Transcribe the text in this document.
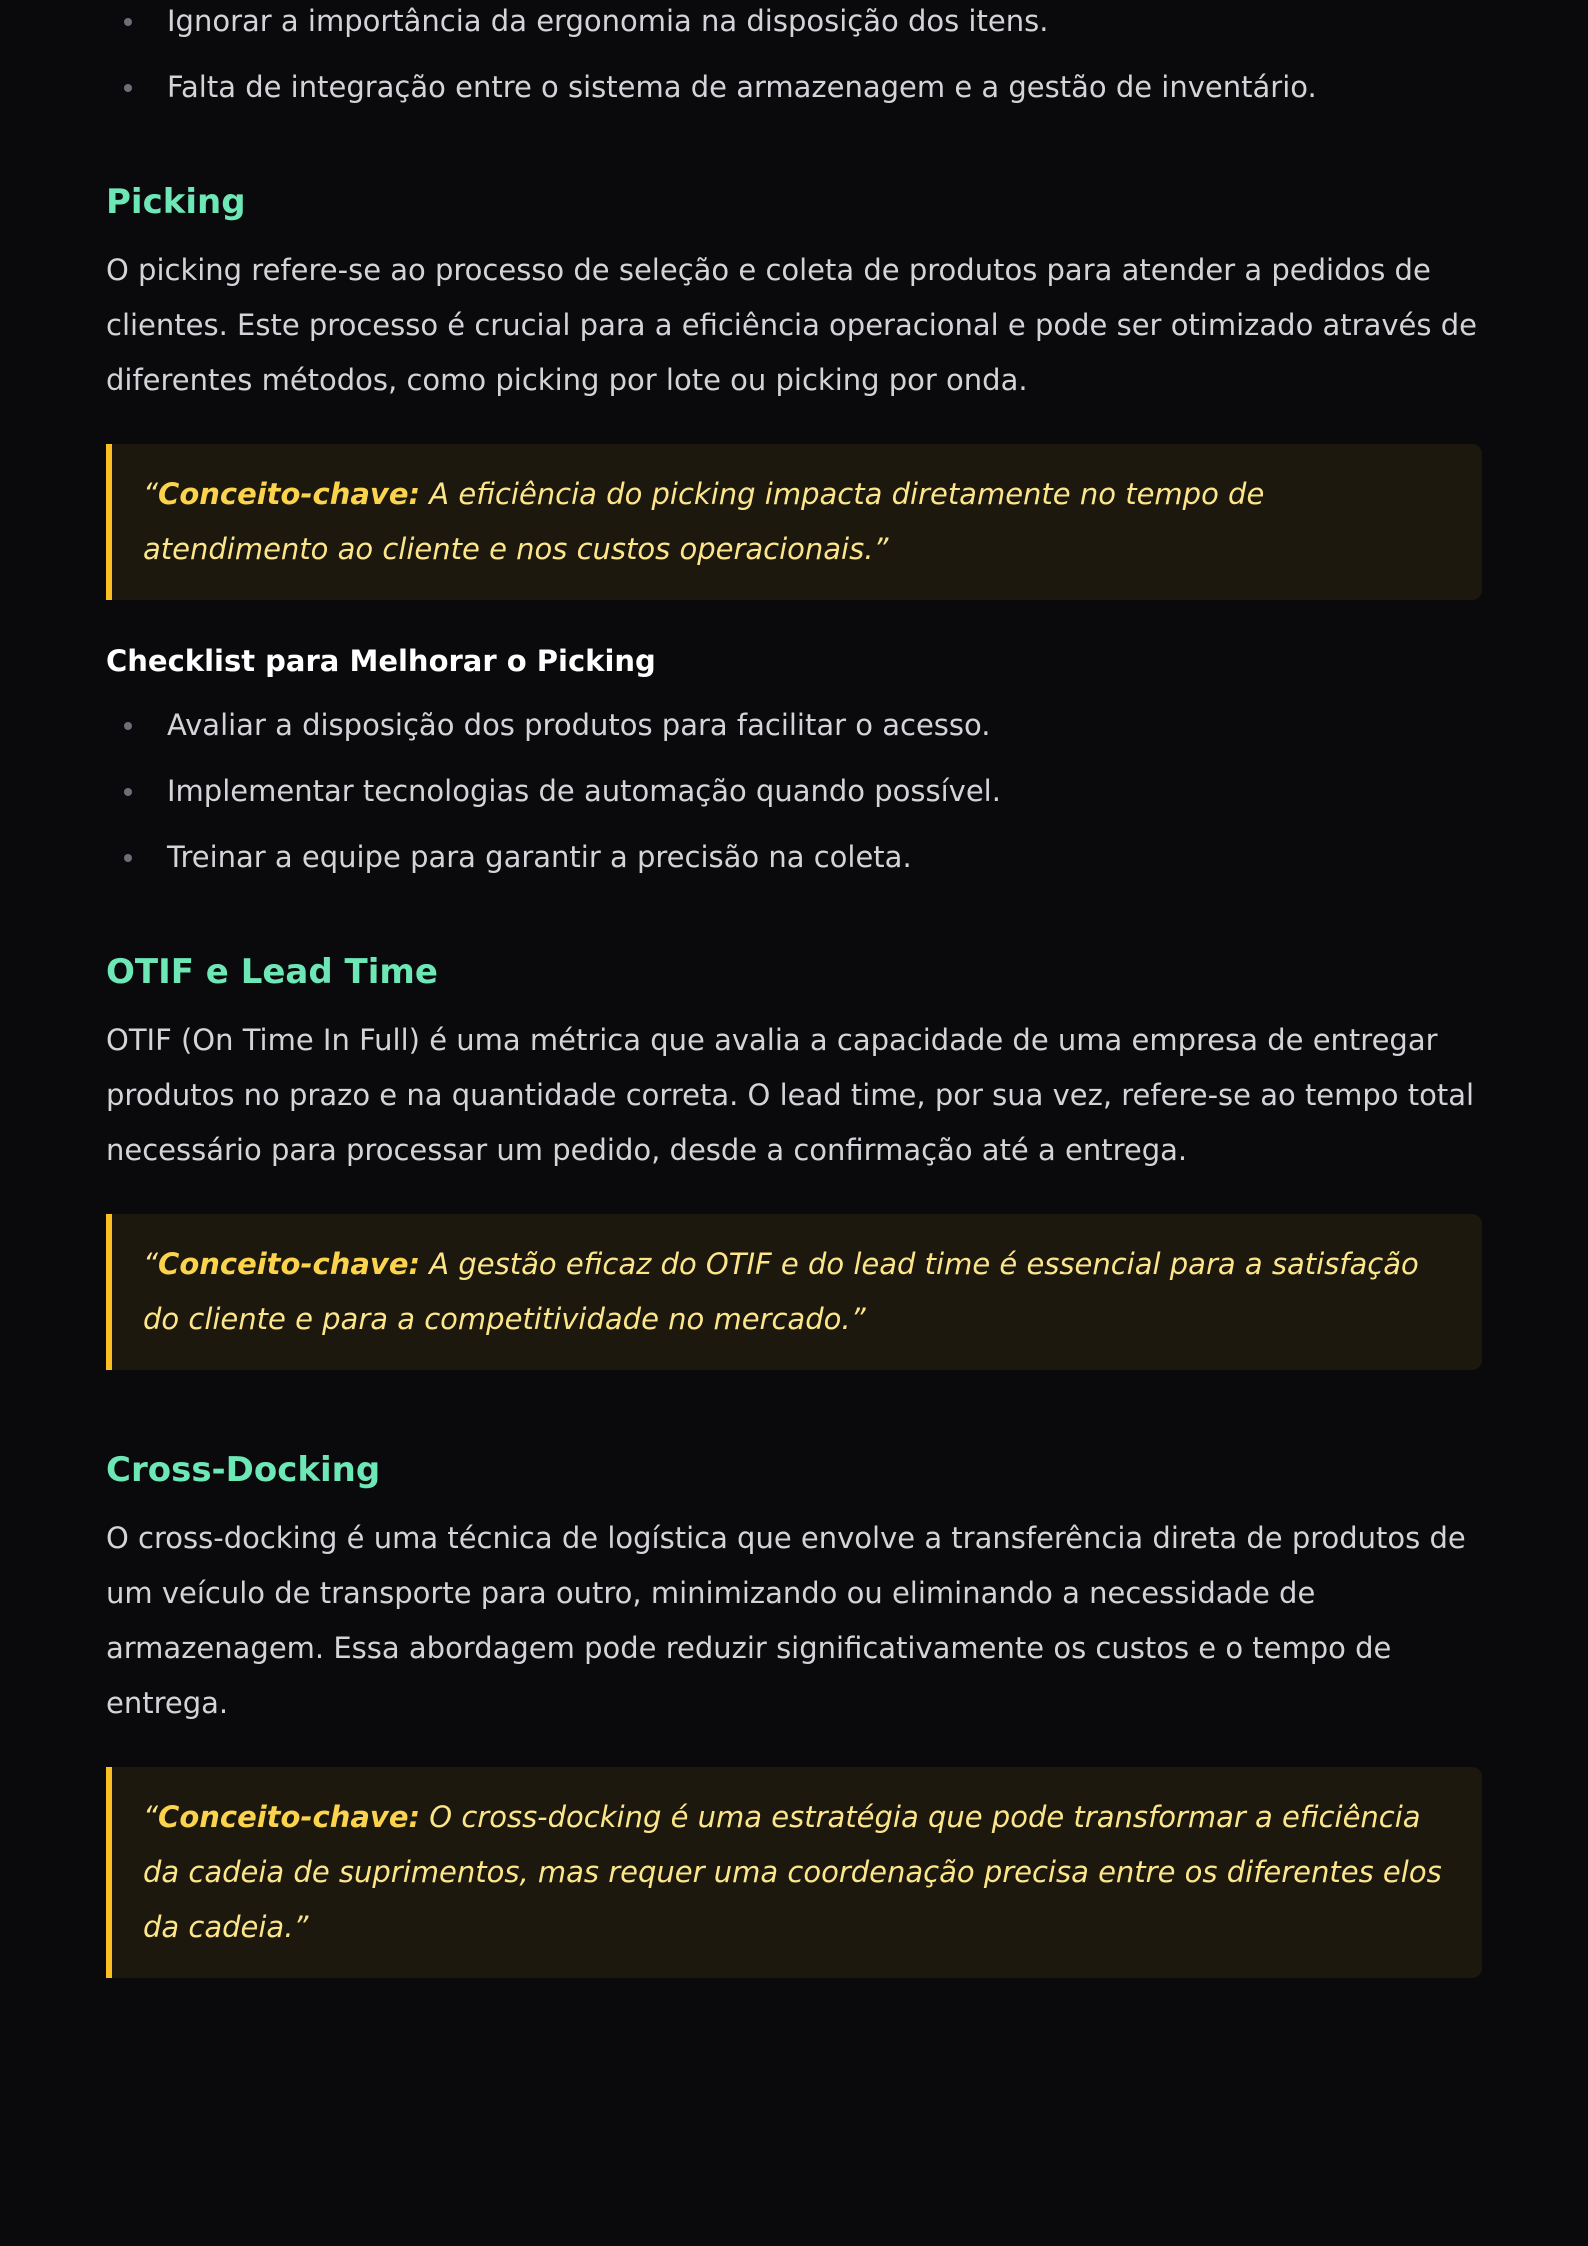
Ignorar a importância da ergonomia na disposição dos itens.
Falta de integração entre o sistema de armazenagem e a gestão de inventário.
Picking

O picking refere-se ao processo de seleção e coleta de produtos para atender a pedidos de clientes. Este processo é crucial para a eficiência operacional e pode ser otimizado através de diferentes métodos, como picking por lote ou picking por onda.

“Conceito-chave: A eficiência do picking impacta diretamente no tempo de atendimento ao cliente e nos custos operacionais.”
Checklist para Melhorar o Picking
Avaliar a disposição dos produtos para facilitar o acesso.
Implementar tecnologias de automação quando possível.
Treinar a equipe para garantir a precisão na coleta.
OTIF e Lead Time

OTIF (On Time In Full) é uma métrica que avalia a capacidade de uma empresa de entregar produtos no prazo e na quantidade correta. O lead time, por sua vez, refere-se ao tempo total necessário para processar um pedido, desde a confirmação até a entrega.

“Conceito-chave: A gestão eficaz do OTIF e do lead time é essencial para a satisfação do cliente e para a competitividade no mercado.”
Cross-Docking

O cross-docking é uma técnica de logística que envolve a transferência direta de produtos de um veículo de transporte para outro, minimizando ou eliminando a necessidade de armazenagem. Essa abordagem pode reduzir significativamente os custos e o tempo de entrega.

“Conceito-chave: O cross-docking é uma estratégia que pode transformar a eficiência da cadeia de suprimentos, mas requer uma coordenação precisa entre os diferentes elos da cadeia.”
